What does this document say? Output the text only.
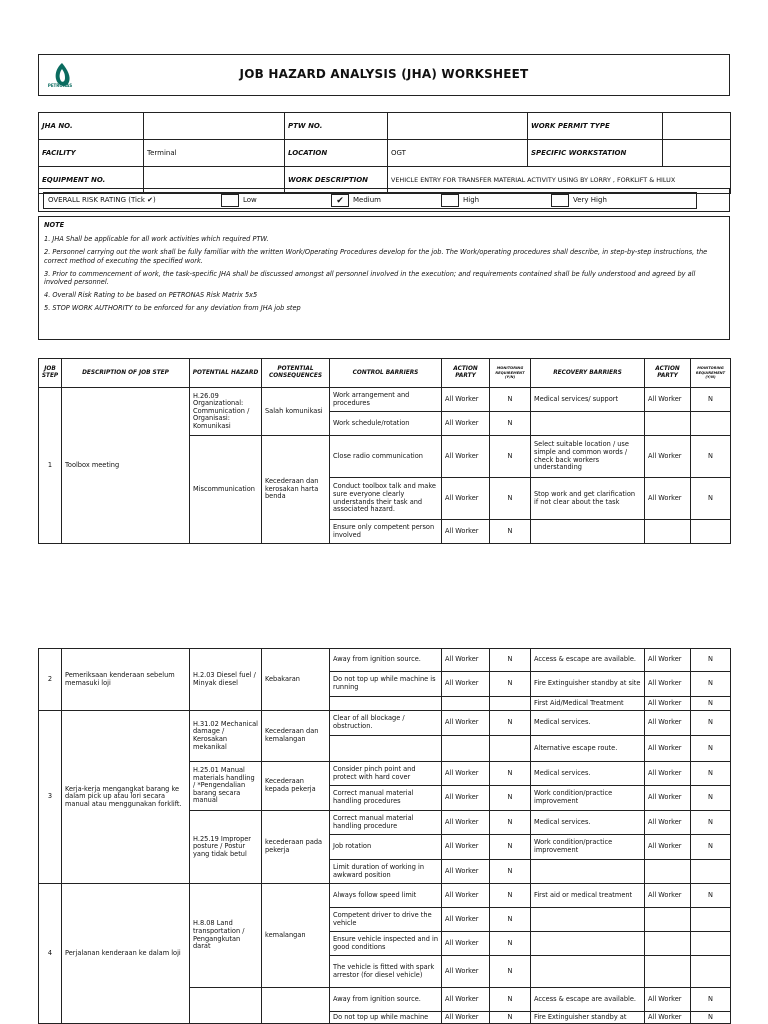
PETRONAS
JOB HAZARD ANALYSIS (JHA) WORKSHEET
JHA NO.		PTW NO.		WORK PERMIT TYPE	
FACILITY	Terminal	LOCATION	OGT	SPECIFIC WORKSTATION	
EQUIPMENT NO.		WORK DESCRIPTION	VEHICLE ENTRY FOR TRANSFER MATERIAL ACTIVITY USING BY LORRY , FORKLIFT & HILUX		
OVERALL RISK RATING (Tick ✔)	Low	✔	Medium	High	Very High

NOTE

1. JHA Shall be applicable for all work activities which required PTW.

2. Personnel carrying out the work shall be fully familiar with the written Work/Operating Procedures develop for the job. The Work/operating procedures shall describe, in step-by-step instructions, the correct method of executing the specified work.

3. Prior to commencement of work, the task-specific JHA shall be discussed amongst all personnel involved in the execution; and requirements contained shall be fully understood and agreed by all involved personnel.

4. Overall Risk Rating to be based on PETRONAS Risk Matrix 5x5

5. STOP WORK AUTHORITY to be enforced for any deviation from JHA job step

JOB STEP	DESCRIPTION OF JOB STEP	POTENTIAL HAZARD	POTENTIAL CONSEQUENCES	CONTROL BARRIERS	ACTION PARTY	MONITORING REQUIREMENT (Y/N)	RECOVERY BARRIERS	ACTION PARTY	MONITORING REQUIREMENT (Y/N)
1	Toolbox meeting	H.26.09 Organizational: Communication / Organisasi: Komunikasi	Salah komunikasi	Work arrangement and procedures	All Worker	N	Medical services/ support	All Worker	N
				Work schedule/rotation	All Worker	N			
		Miscommunication	Kecederaan dan kerosakan harta benda	Close radio communication	All Worker	N	Select suitable location / use simple and common words / check back workers understanding	All Worker	N
				Conduct toolbox talk and make sure everyone clearly understands their task and associated hazard.	All Worker	N	Stop work and get clarification if not clear about the task	All Worker	N
				Ensure only competent person involved	All Worker	N			
2	Pemeriksaan kenderaan sebelum memasuki loji	H.2.03 Diesel fuel / Minyak diesel	Kebakaran	Away from ignition source.	All Worker	N	Access & escape are available.	All Worker	N
				Do not top up while machine is running	All Worker	N	Fire Extinguisher standby at site	All Worker	N
							First Aid/Medical Treatment	All Worker	N
3	Kerja-kerja mengangkat barang ke dalam pick up atau lori secara manual atau menggunakan forklift.	H.31.02 Mechanical damage / Kerosakan mekanikal	Kecederaan dan kemalangan	Clear of all blockage / obstruction.	All Worker	N	Medical services.	All Worker	N
							Alternative escape route.	All Worker	N
		H.25.01 Manual materials handling / *Pengendalian barang secara manual	Kecederaan kepada pekerja	Consider pinch point and protect with hard cover	All Worker	N	Medical services.	All Worker	N
				Correct manual material handling procedures	All Worker	N	Work condition/practice improvement	All Worker	N
		H.25.19 Improper posture / Postur yang tidak betul	kecederaan pada pekerja	Correct manual material handling procedure	All Worker	N	Medical services.	All Worker	N
				Job rotation	All Worker	N	Work condition/practice improvement	All Worker	N
				Limit duration of working in awkward position	All Worker	N			
4	Perjalanan kenderaan ke dalam loji	H.8.08 Land transportation / Pengangkutan darat	kemalangan	Always follow speed limit	All Worker	N	First aid or medical treatment	All Worker	N
				Competent driver to drive the vehicle	All Worker	N			
				Ensure vehicle inspected and in good conditions	All Worker	N			
				The vehicle is fitted with spark arrestor (for diesel vehicle)	All Worker	N			
				Away from ignition source.	All Worker	N	Access & escape are available.	All Worker	N
				Do not top up while machine	All Worker	N	Fire Extinguisher standby at	All Worker	N
